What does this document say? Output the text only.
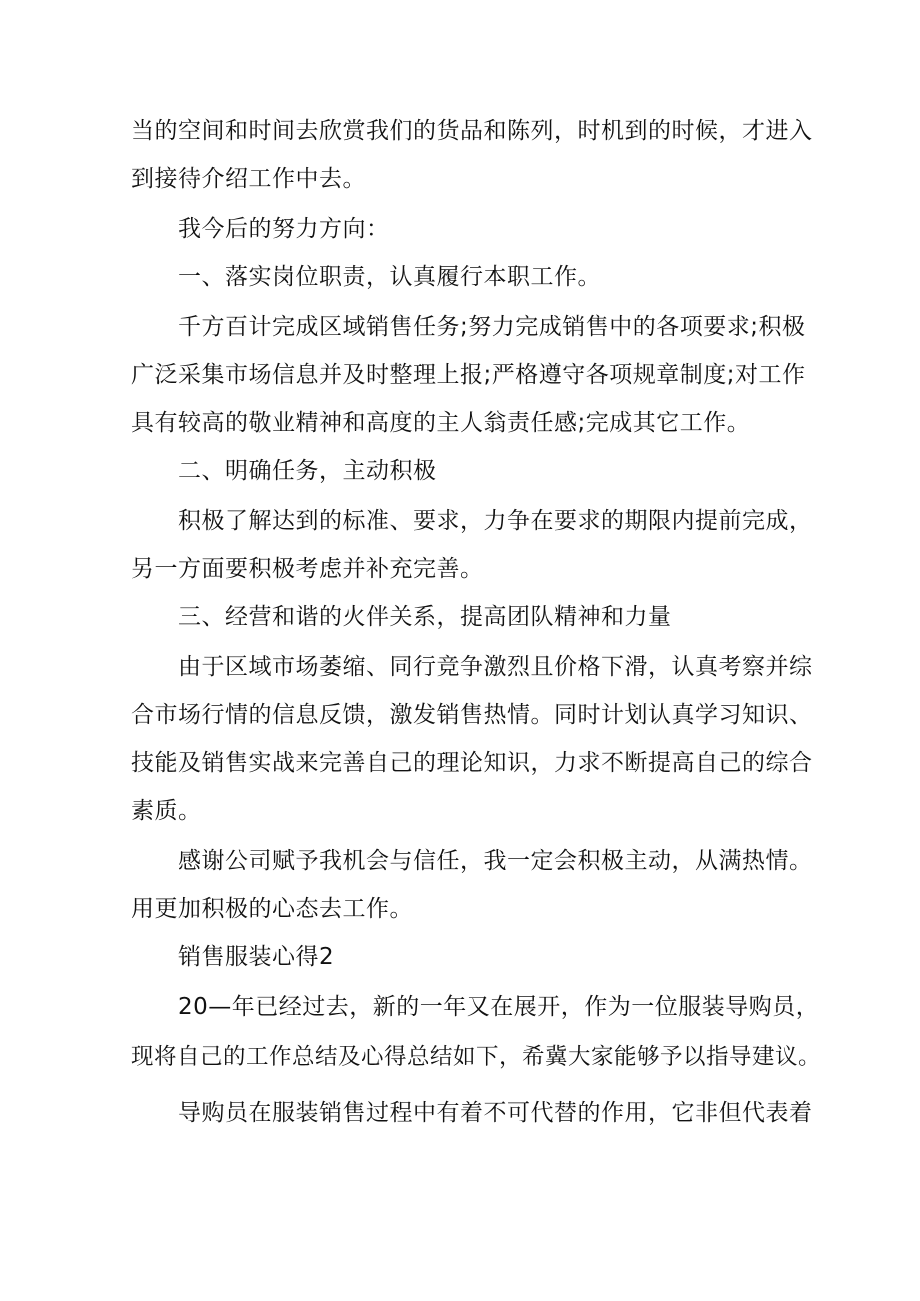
当的空间和时间去欣赏我们的货品和陈列，时机到的时候，才进入
到接待介绍工作中去。
我今后的努力方向：
一、落实岗位职责，认真履行本职工作。
千方百计完成区域销售任务;努力完成销售中的各项要求;积极
广泛采集市场信息并及时整理上报;严格遵守各项规章制度;对工作
具有较高的敬业精神和高度的主人翁责任感;完成其它工作。
二、明确任务，主动积极
积极了解达到的标准、要求，力争在要求的期限内提前完成，
另一方面要积极考虑并补充完善。
三、经营和谐的火伴关系，提高团队精神和力量
由于区域市场萎缩、同行竞争激烈且价格下滑，认真考察并综
合市场行情的信息反馈，激发销售热情。同时计划认真学习知识、
技能及销售实战来完善自己的理论知识，力求不断提高自己的综合
素质。
感谢公司赋予我机会与信任，我一定会积极主动，从满热情。
用更加积极的心态去工作。
销售服装心得2
20—年已经过去，新的一年又在展开，作为一位服装导购员，
现将自己的工作总结及心得总结如下，希冀大家能够予以指导建议。
导购员在服装销售过程中有着不可代替的作用，它非但代表着
